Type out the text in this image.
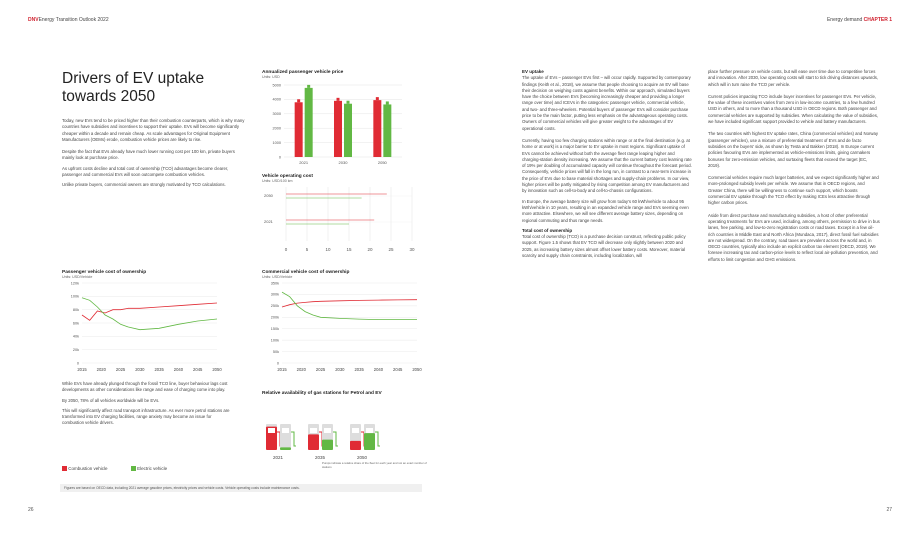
DNVEnergy Transition Outlook 2022
Drivers of EV uptake
towards 2050

Today, new EVs tend to be priced higher than their combustion counterparts, which is why many countries have subsidies and incentives to support their uptake. EVs will become significantly cheaper within a decade and remain cheap. As scale advantages for Original Equipment Manufacturers (OEMs) erode, combustion vehicle prices are likely to rise.

Despite the fact that EVs already have much lower running cost per 100 km, private buyers mainly look at purchase price.

As upfront costs decline and total cost of ownership (TCO) advantages become clearer, passenger and commercial EVs will soon outcompete combustion vehicles.

Unlike private buyers, commercial owners are strongly motivated by TCO calculations.

Annualized passenger vehicle price
Units: USD
5000
4000
3000
2000
1000
0
2021	2030	2050
Vehicle operating cost
Units: USD/100 km
0	5	10	15	20	25	30
2050
2021
Passenger vehicle cost of ownership
Units: USD/Vehicle
120k
100k
80k
60k
40k
20k
0
2015 2020 2025 2030 2035 2040 2045 2050
Commercial vehicle cost of ownership
Units: USD/Vehicle
350k
300k
250k
200k
150k
100k
50k
0
2015 2020 2025 2030 2035 2040 2045 2050

While EVs have already plunged through the fossil TCO line, buyer behaviour lags cost developments as other considerations like range and ease of charging come into play.

By 2050, 78% of all vehicles worldwide will be EVs.

This will significantly affect road transport infrastructure. As ever more petrol stations are transformed into EV charging facilities, range anxiety may become an issue for combustion vehicle drivers.

Relative availability of gas stations for Petrol and EV
2021	2035	2050
Pumps indicate a relative share of the fleet for each year and not an exact number of stations
Combustion vehicle	Electric vehicle
Figures are based on OECD data, including 2021 average gasoline prices, electricity prices and vehicle costs. Vehicle operating costs include maintenance costs.
26
Energy demand CHAPTER 1
EV uptake

The uptake of EVs – passenger EVs first – will occur rapidly. Supported by contemporary findings (Keith et al., 2018), we assume that people choosing to acquire an EV will base their decision on weighing costs against benefits. Within our approach, simulated buyers have the choice between EVs (becoming increasingly cheaper and providing a longer range over time) and ICEVs in the categories: passenger vehicle, commercial vehicle, and two- and three-wheelers. Potential buyers of passenger EVs will consider purchase price to be the main factor, putting less emphasis on the advantageous operating costs. Owners of commercial vehicles will give greater weight to the advantages of EV operational costs.

Currently, having too few charging stations within range or at the final destination (e.g. at home or at work) is a major barrier to EV uptake in most regions. Significant uptake of EVs cannot be achieved without both the average fleet range leaping higher and charging-station density increasing. We assume that the current battery cost learning rate of 19% per doubling of accumulated capacity will continue throughout the forecast period. Consequently, vehicle prices will fall in the long run, in contrast to a near-term increase in the price of EVs due to base material shortages and supply-chain problems. In our view, higher prices will be partly mitigated by rising competition among EV manufacturers and by innovation such as cell-to-body and cell-to-chassis configurations.

In Europe, the average battery size will grow from today's 60 kWh/vehicle to about 95 kWh/vehicle in 10 years, resulting in an expanded vehicle range and EVs seeming even more attractive. Elsewhere, we will see different average battery sizes, depending on regional commuting and thus range needs.

Total cost of ownership

Total cost of ownership (TCO) is a purchase decision construct, reflecting public policy support. Figure 1.5 shows that EV TCO will decrease only slightly between 2020 and 2025, as increasing battery sizes almost offset lower battery costs. Moreover, material scarcity and supply chain constraints, including localization, will

place further pressure on vehicle costs, but will ease over time due to competitive forces and innovation. After 2030, low operating costs will start to tick driving distances upwards, which will in turn raise the TCO per vehicle.

Current policies impacting TCO include buyer incentives for passenger EVs. Per vehicle, the value of these incentives varies from zero in low-income countries, to a few hundred USD in others, and to more than a thousand USD in OECD regions. Both passenger and commercial vehicles are supported by subsidies. When calculating the value of subsidies, we have included significant support provided to vehicle and battery manufacturers.

The two countries with highest EV uptake rates, China (commercial vehicles) and Norway (passenger vehicles), use a mixture of preferential treatment of EVs and de facto subsidies on the buyers' side, as shown by Testa and Bakken (2018). In Europe current policies favouring EVs are implemented as vehicle-emissions limits, giving carmakers bonuses for zero-emission vehicles, and surtaxing fleets that exceed the target (EC, 2019).

Commercial vehicles require much larger batteries, and we expect significantly higher and more-prolonged subsidy levels per vehicle. We assume that in OECD regions, and Greater China, there will be willingness to continue such support, which boosts commercial EV uptake through the TCO effect by making ICEs less attractive through higher carbon prices.

Aside from direct purchase and manufacturing subsidies, a host of other preferential operating treatments for EVs are used, including, among others, permission to drive in bus lanes, free parking, and low-to-zero registration costs or road taxes. Except in a few oil-rich countries in Middle East and North Africa (Mundaca, 2017), direct fossil fuel subsidies are not widespread. On the contrary, road taxes are prevalent across the world and, in OECD countries, typically also include an explicit carbon tax element (OECD, 2019). We foresee increasing tax and carbon-price levels to reflect local air-pollution prevention, and efforts to limit congestion and GHG emissions.

27
